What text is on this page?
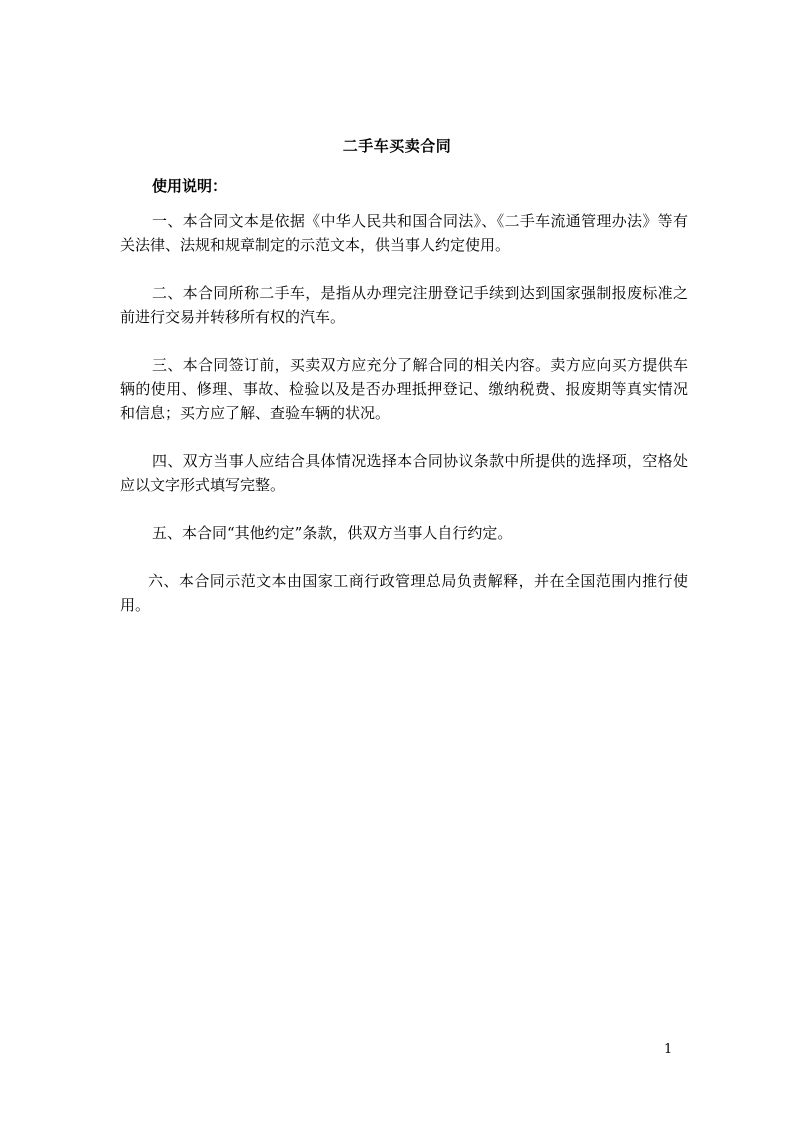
二手车买卖合同
使用说明：

一、本合同文本是依据《中华人民共和国合同法》、《二手车流通管理办法》等有关法律、法规和规章制定的示范文本，供当事人约定使用。

二、本合同所称二手车，是指从办理完注册登记手续到达到国家强制报废标准之前进行交易并转移所有权的汽车。

三、本合同签订前，买卖双方应充分了解合同的相关内容。卖方应向买方提供车辆的使用、修理、事故、检验以及是否办理抵押登记、缴纳税费、报废期等真实情况和信息；买方应了解、查验车辆的状况。

四、双方当事人应结合具体情况选择本合同协议条款中所提供的选择项，空格处应以文字形式填写完整。

五、本合同“其他约定”条款，供双方当事人自行约定。

六、本合同示范文本由国家工商行政管理总局负责解释，并在全国范围内推行使用。

1
